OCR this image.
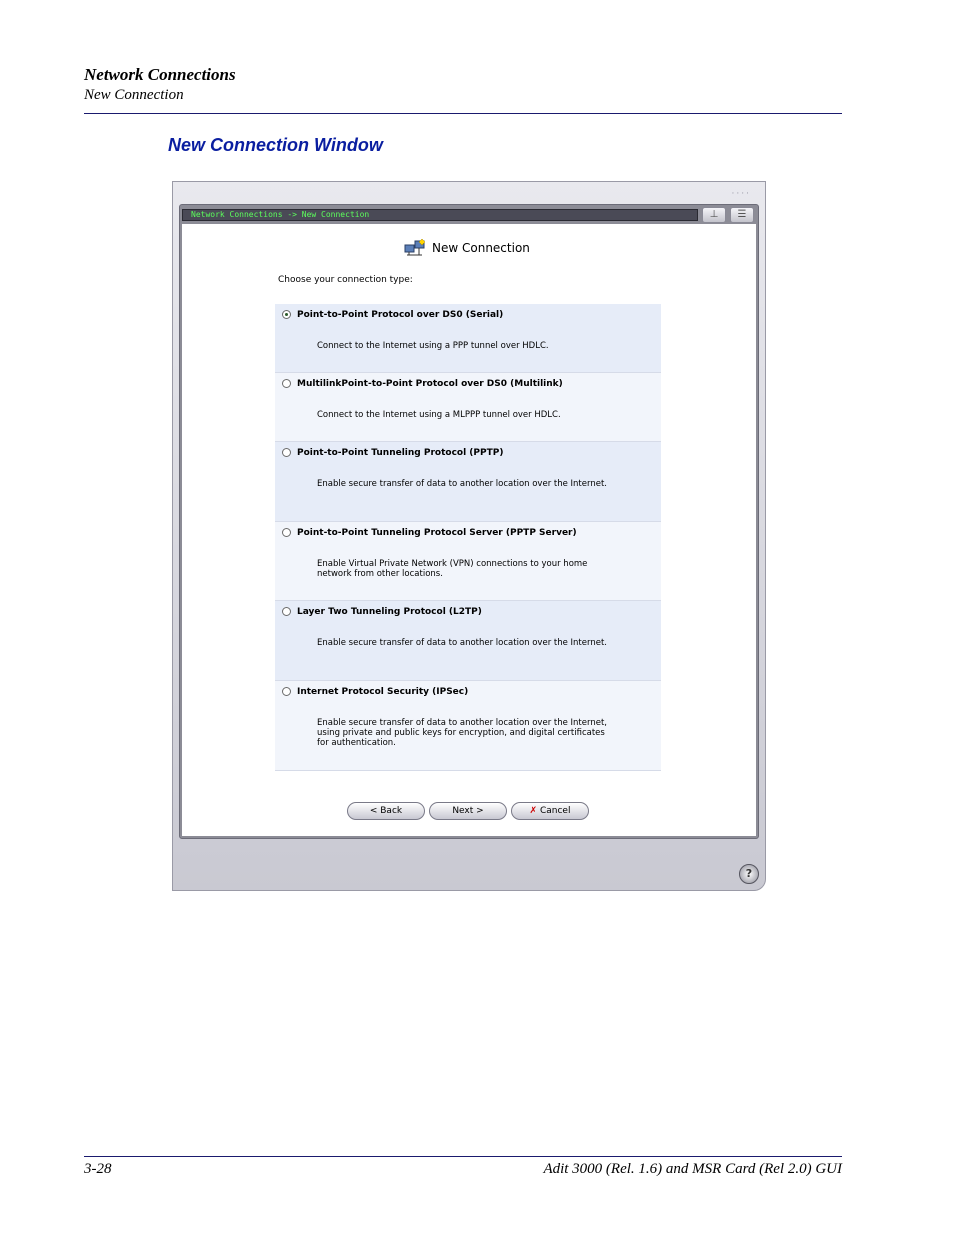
Network Connections
New Connection
New Connection Window
····
Network Connections -> New Connection	⊥	☰
New Connection
Choose your connection type:
Point-to-Point Protocol over DS0 (Serial)
Connect to the Internet using a PPP tunnel over HDLC.
MultilinkPoint-to-Point Protocol over DS0 (Multilink)
Connect to the Internet using a MLPPP tunnel over HDLC.
Point-to-Point Tunneling Protocol (PPTP)
Enable secure transfer of data to another location over the Internet.
Point-to-Point Tunneling Protocol Server (PPTP Server)
Enable Virtual Private Network (VPN) connections to your home network from other locations.
Layer Two Tunneling Protocol (L2TP)
Enable secure transfer of data to another location over the Internet.
Internet Protocol Security (IPSec)
Enable secure transfer of data to another location over the Internet, using private and public keys for encryption, and digital certificates for authentication.
< Back	Next >	✗ Cancel
?
3-28	Adit 3000 (Rel. 1.6) and MSR Card (Rel 2.0) GUI
